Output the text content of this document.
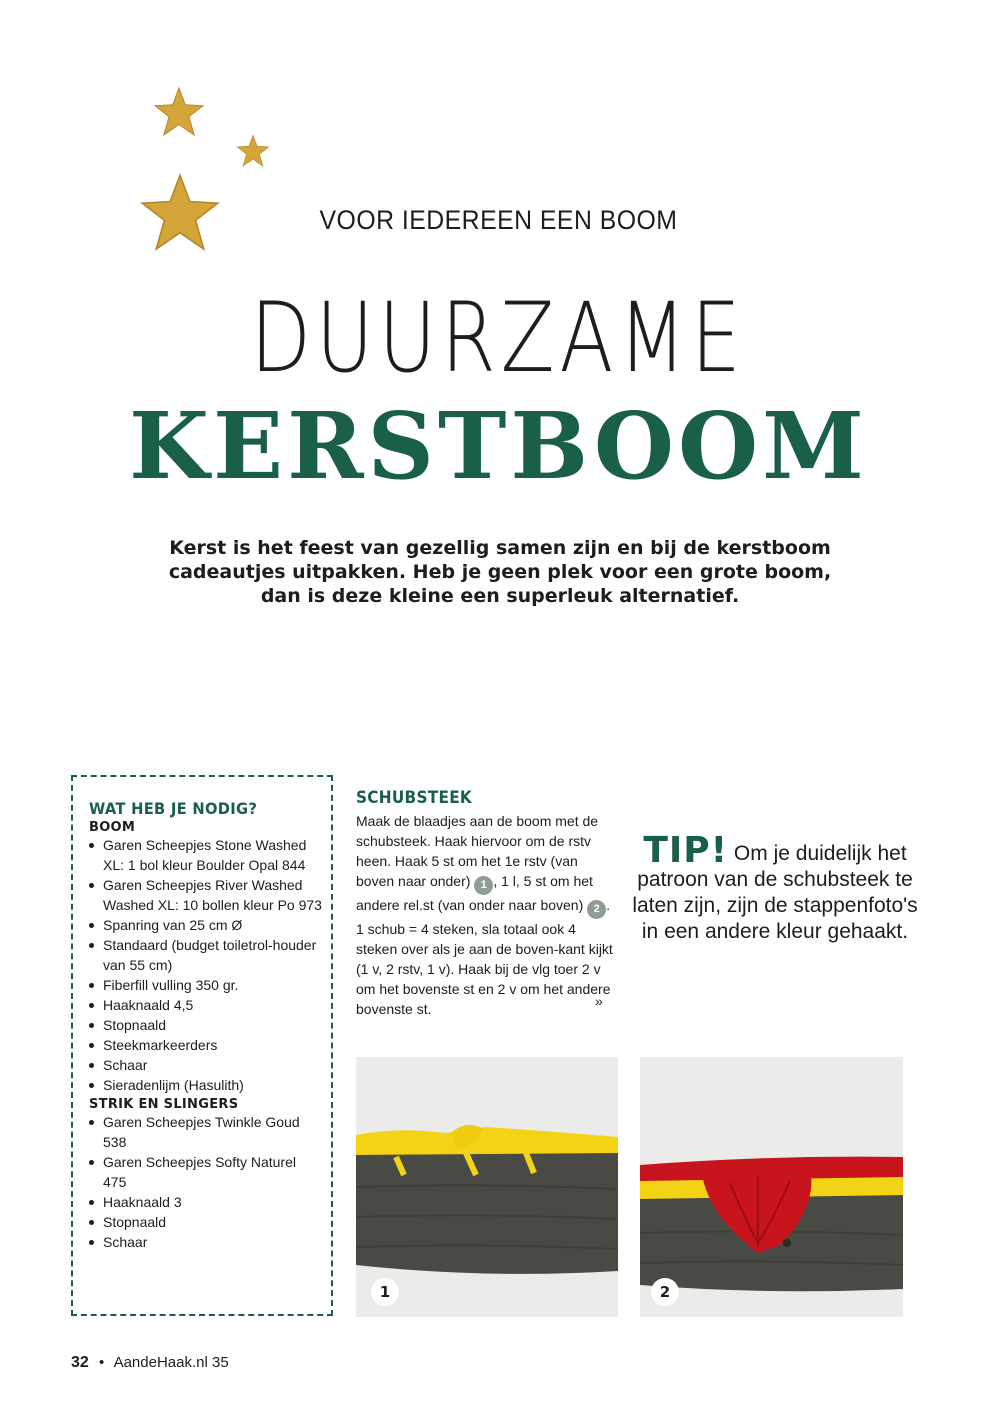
VOOR IEDEREEN EEN BOOM
DUURZAME
KERSTBOOM
Kerst is het feest van gezellig samen zijn en bij de kerstboom cadeautjes uitpakken. Heb je geen plek voor een grote boom, dan is deze kleine een superleuk alternatief.
WAT HEB JE NODIG?
BOOM
Garen Scheepjes Stone Washed XL: 1 bol kleur Boulder Opal 844
Garen Scheepjes River Washed Washed XL: 10 bollen kleur Po 973
Spanring van 25 cm Ø
Standaard (budget toiletrol-houder van 55 cm)
Fiberfill vulling 350 gr.
Haaknaald 4,5
Stopnaald
Steekmarkeerders
Schaar
Sieradenlijm (Hasulith)
STRIK EN SLINGERS
Garen Scheepjes Twinkle Goud 538
Garen Scheepjes Softy Naturel 475
Haaknaald 3
Stopnaald
Schaar
SCHUBSTEEK
Maak de blaadjes aan de boom met de schubsteek. Haak hiervoor om de rstv heen. Haak 5 st om het 1e rstv (van boven naar onder) 1 , 1 l, 5 st om het andere rel.st (van onder naar boven) 2 . 1 schub = 4 steken, sla totaal ook 4 steken over als je aan de boven-kant kijkt (1 v, 2 rstv, 1 v). Haak bij de vlg toer 2 v om het bovenste st en 2 v om het andere bovenste st.	»
TIP! Om je duidelijk het patroon van de schubsteek te laten zijn, zijn de stappenfoto's in een andere kleur gehaakt.
1	2
32 • AandeHaak.nl 35
